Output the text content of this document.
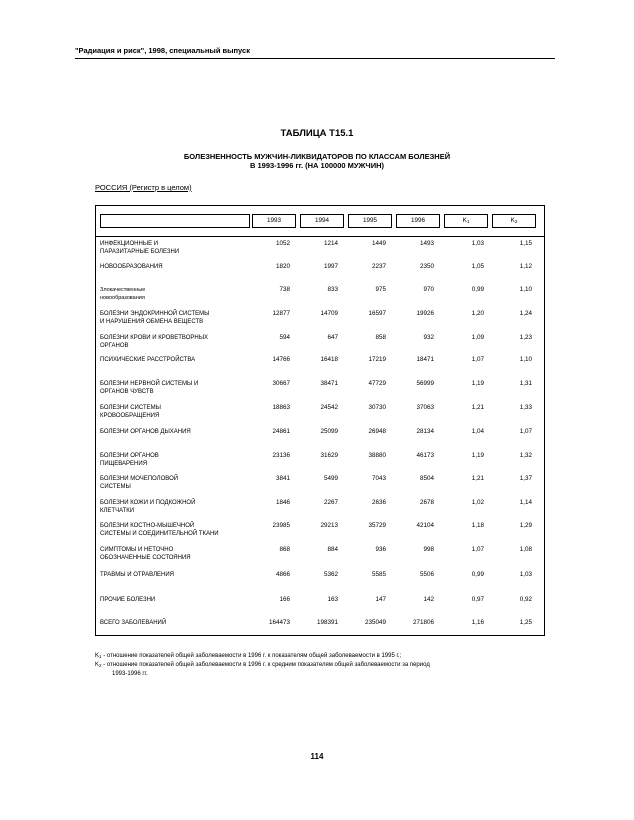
"Радиация и риск", 1998, специальный выпуск
ТАБЛИЦА Т15.1
БОЛЕЗНЕННОСТЬ МУЖЧИН-ЛИКВИДАТОРОВ ПО КЛАССАМ БОЛЕЗНЕЙ
В 1993-1996 гг. (НА 100000 МУЖЧИН)
РОССИЯ (Регистр в целом)
1993	1994	1995	1996	$K_1$	$K_2$
ИНФЕКЦИОННЫЕ И
ПАРАЗИТАРНЫЕ БОЛЕЗНИ
1052	1214	1449	1493	1,03	1,15
НОВООБРАЗОВАНИЯ	1820	1997	2237	2350	1,05	1,12
Злокачественные
новообразования
738	833	975	970	0,99	1,10
БОЛЕЗНИ ЭНДОКРИННОЙ СИСТЕМЫ
И НАРУШЕНИЯ ОБМЕНА ВЕЩЕСТВ
12877	14709	16597	19926	1,20	1,24
БОЛЕЗНИ КРОВИ И КРОВЕТВОРНЫХ
ОРГАНОВ
594	647	858	932	1,09	1,23
ПСИХИЧЕСКИЕ РАССТРОЙСТВА	14766	16418	17219	18471	1,07	1,10
БОЛЕЗНИ НЕРВНОЙ СИСТЕМЫ И
ОРГАНОВ ЧУВСТВ
30667	38471	47729	56999	1,19	1,31
БОЛЕЗНИ СИСТЕМЫ
КРОВООБРАЩЕНИЯ
18863	24542	30730	37063	1,21	1,33
БОЛЕЗНИ ОРГАНОВ ДЫХАНИЯ	24861	25099	26948	28134	1,04	1,07
БОЛЕЗНИ ОРГАНОВ
ПИЩЕВАРЕНИЯ
23136	31629	38880	46173	1,19	1,32
БОЛЕЗНИ МОЧЕПОЛОВОЙ
СИСТЕМЫ
3841	5499	7043	8504	1,21	1,37
БОЛЕЗНИ КОЖИ И ПОДКОЖНОЙ
КЛЕТЧАТКИ
1846	2267	2636	2678	1,02	1,14
БОЛЕЗНИ КОСТНО-МЫШЕЧНОЙ
СИСТЕМЫ И СОЕДИНИТЕЛЬНОЙ ТКАНИ
23985	29213	35729	42104	1,18	1,29
СИМПТОМЫ И НЕТОЧНО
ОБОЗНАЧЕННЫЕ СОСТОЯНИЯ
868	884	936	998	1,07	1,08
ТРАВМЫ И ОТРАВЛЕНИЯ	4866	5362	5585	5506	0,99	1,03
ПРОЧИЕ БОЛЕЗНИ	166	163	147	142	0,97	0,92
ВСЕГО ЗАБОЛЕВАНИЙ	164473	198391	235049	271806	1,16	1,25
$K_1$ - отношение показателей общей заболеваемости в 1996 г. к показателям общей заболеваемости в 1995 г.;
$K_2$ - отношение показателей общей заболеваемости в 1996 г. к средним показателям общей заболеваемости за период
1993-1996 гг.
114
